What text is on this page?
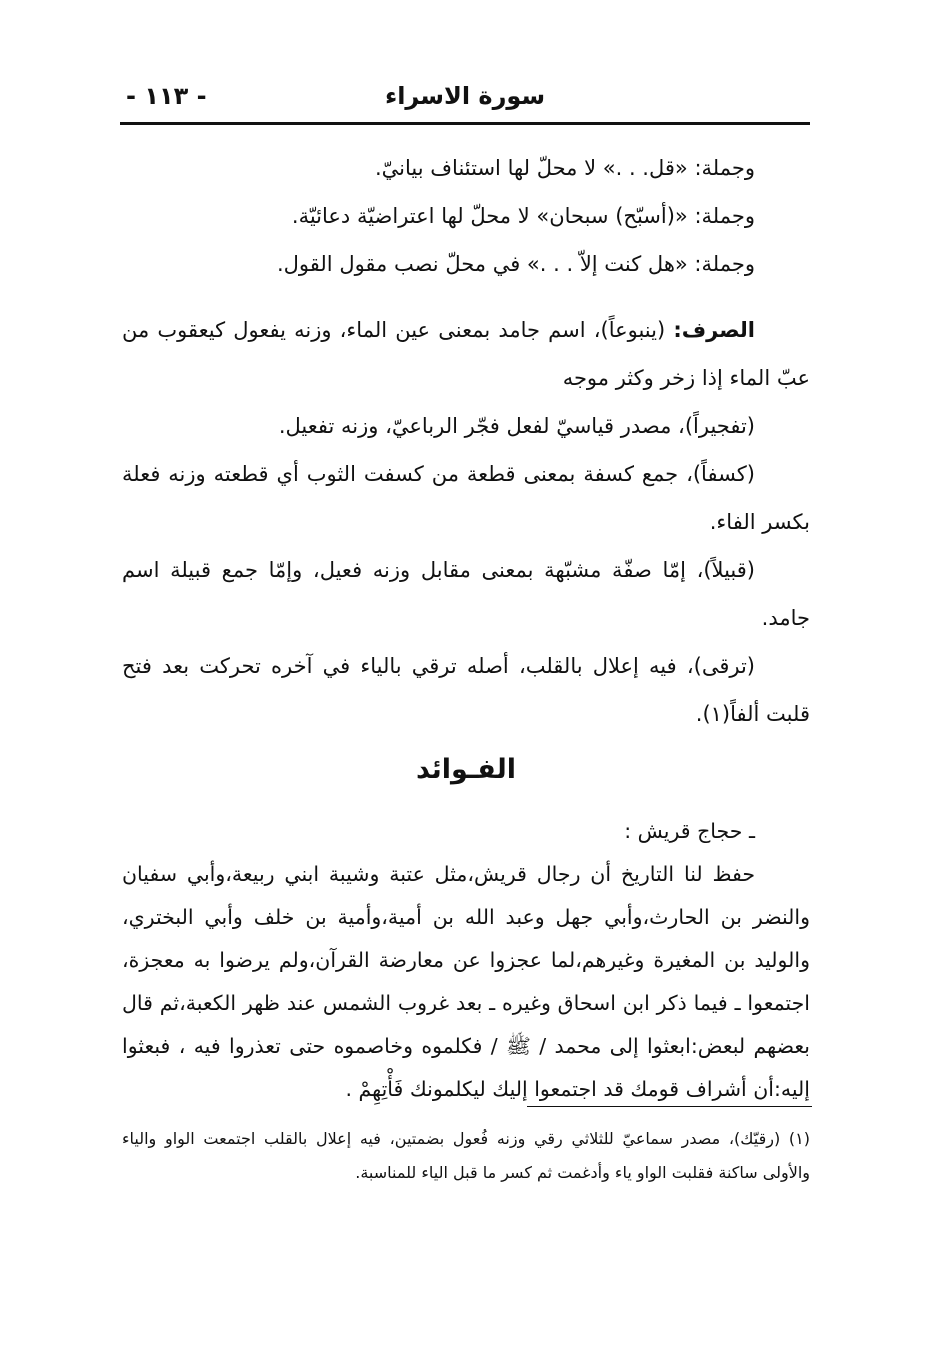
سورة الاسراء
- ١١٣ -

وجملة: «قل. . .» لا محلّ لها استئناف بيانيّ.

وجملة: «(أسبّح) سبحان» لا محلّ لها اعتراضيّة دعائيّة.

وجملة: «هل كنت إلاّ . . .» في محلّ نصب مقول القول.

الصرف: (ينبوعاً)، اسم جامد بمعنى عين الماء، وزنه يفعول كيعقوب من عبّ الماء إذا زخر وكثر موجه

(تفجيراً)، مصدر قياسيّ لفعل فجّر الرباعيّ، وزنه تفعيل.

(كسفاً)، جمع كسفة بمعنى قطعة من كسفت الثوب أي قطعته وزنه فعلة بكسر الفاء.

(قبيلاً)، إمّا صفّة مشبّهة بمعنى مقابل وزنه فعيل، وإمّا جمع قبيلة اسم جامد.

(ترقى)، فيه إعلال بالقلب، أصله ترقي بالياء في آخره تحركت بعد فتح قلبت ألفاً(١).

الفـوائد

ـ حجاج قريش :

حفظ لنا التاريخ أن رجال قريش،مثل عتبة وشيبة ابني ربيعة،وأبي سفيان والنضر بن الحارث،وأبي جهل وعبد الله بن أمية،وأمية بن خلف وأبي البختري، والوليد بن المغيرة وغيرهم،لما عجزوا عن معارضة القرآن،ولم يرضوا به معجزة، اجتمعوا ـ فيما ذكر ابن اسحاق وغيره ـ بعد غروب الشمس عند ظهر الكعبة،ثم قال بعضهم لبعض:ابعثوا إلى محمد / ﷺ / فكلموه وخاصموه حتى تعذروا فيه ، فبعثوا إليه:أن أشراف قومك قد اجتمعوا إليك ليكلمونك فَأْتِهِمْ .

(١) (رقيّك)، مصدر سماعيّ للثلاثي رقي وزنه فُعول بضمتين، فيه إعلال بالقلب اجتمعت الواو والياء والأولى ساكنة فقلبت الواو ياء وأدغمت ثم كسر ما قبل الياء للمناسبة.
